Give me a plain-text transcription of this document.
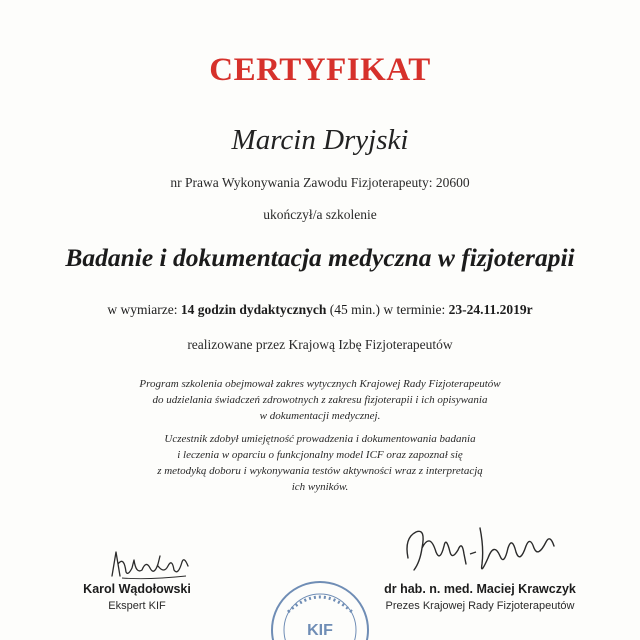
CERTYFIKAT
Marcin Dryjski
nr Prawa Wykonywania Zawodu Fizjoterapeuty: 20600
ukończył/a szkolenie
Badanie i dokumentacja medyczna w fizjoterapii
w wymiarze: 14 godzin dydaktycznych (45 min.) w terminie: 23-24.11.2019r
realizowane przez Krajową Izbę Fizjoterapeutów
Program szkolenia obejmował zakres wytycznych Krajowej Rady Fizjoterapeutów
do udzielania świadczeń zdrowotnych z zakresu fizjoterapii i ich opisywania
w dokumentacji medycznej.
Uczestnik zdobył umiejętność prowadzenia i dokumentowania badania
i leczenia w oparciu o funkcjonalny model ICF oraz zapoznał się
z metodyką doboru i wykonywania testów aktywności wraz z interpretacją
ich wyników.
KIF
Karol Wądołowski
Ekspert KIF
dr hab. n. med. Maciej Krawczyk
Prezes Krajowej Rady Fizjoterapeutów
